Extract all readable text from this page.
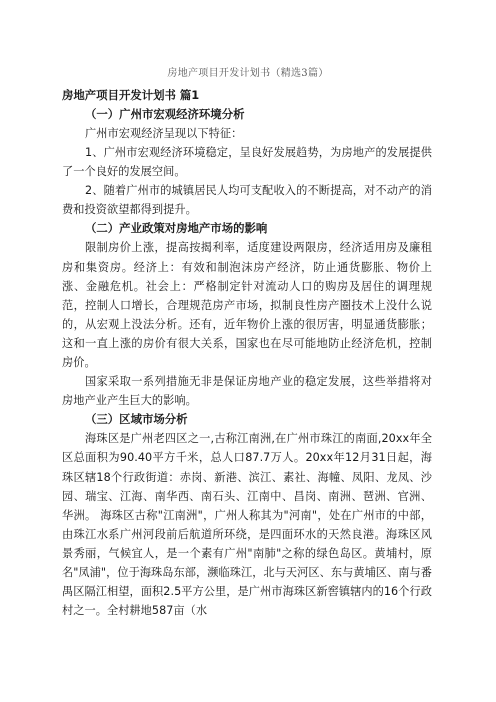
房地产项目开发计划书（精选3篇）

房地产项目开发计划书 篇1

（一）广州市宏观经济环境分析

广州市宏观经济呈现以下特征：

1、广州市宏观经济环境稳定，呈良好发展趋势，为房地产的发展提供了一个良好的发展空间。

2、随着广州市的城镇居民人均可支配收入的不断提高，对不动产的消费和投资欲望都得到提升。

（二）产业政策对房地产市场的影响

限制房价上涨，提高按揭利率，适度建设两限房，经济适用房及廉租房和集资房。经济上：有效和制泡沫房产经济，防止通货膨胀、物价上涨、金融危机。社会上：严格制定针对流动人口的购房及居住的调理规范，控制人口增长，合理规范房产市场，拟制良性房产圈技术上没什么说的，从宏观上没法分析。还有，近年物价上涨的很厉害，明显通货膨胀；这和一直上涨的房价有很大关系，国家也在尽可能地防止经济危机，控制房价。

国家采取一系列措施无非是保证房地产业的稳定发展，这些举措将对房地产业产生巨大的影响。

（三）区域市场分析

海珠区是广州老四区之一,古称江南洲,在广州市珠江的南面,20xx年全区总面积为90.40平方千米，总人口87.7万人。20xx年12月31日起，海珠区辖18个行政街道：赤岗、新港、滨江、素社、海幢、凤阳、龙凤、沙园、瑞宝、江海、南华西、南石头、江南中、昌岗、南洲、琶洲、官洲、华洲。 海珠区古称"江南洲"，广州人称其为"河南"，处在广州市的中部，由珠江水系广州河段前后航道所环绕，是四面环水的天然良港。海珠区风景秀丽，气候宜人，是一个素有广州"南肺"之称的绿色岛区。黄埔村，原名"凤浦"，位于海珠岛东部，濒临珠江，北与天河区、东与黄埔区、南与番禺区隔江相望，面积2.5平方公里，是广州市海珠区新窖镇辖内的16个行政村之一。全村耕地587亩（水
